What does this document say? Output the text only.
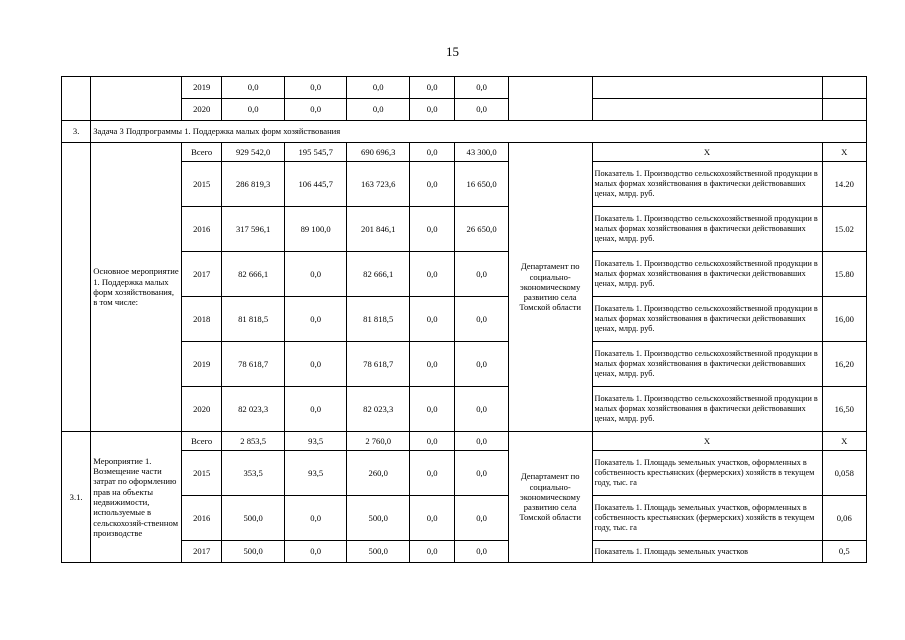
15
		2019	0,0	0,0	0,0	0,0	0,0			
		2020	0,0	0,0	0,0	0,0	0,0			
3.	Задача 3 Подпрограммы 1. Поддержка малых форм хозяйствования									
	Основное мероприятие 1. Поддержка малых форм хозяйствования, в том числе:	Всего	929 542,0	195 545,7	690 696,3	0,0	43 300,0	Департамент по социально-экономическому развитию села Томской области	X	X
		2015	286 819,3	106 445,7	163 723,6	0,0	16 650,0		Показатель 1. Производство сельскохозяйственной продукции в малых формах хозяйствования в фактически действовавших ценах, млрд. руб.	14.20
		2016	317 596,1	89 100,0	201 846,1	0,0	26 650,0		Показатель 1. Производство сельскохозяйственной продукции в малых формах хозяйствования в фактически действовавших ценах, млрд. руб.	15.02
		2017	82 666,1	0,0	82 666,1	0,0	0,0		Показатель 1. Производство сельскохозяйственной продукции в малых формах хозяйствования в фактически действовавших ценах, млрд. руб.	15.80
		2018	81 818,5	0,0	81 818,5	0,0	0,0		Показатель 1. Производство сельскохозяйственной продукции в малых формах хозяйствования в фактически действовавших ценах, млрд. руб.	16,00
		2019	78 618,7	0,0	78 618,7	0,0	0,0		Показатель 1. Производство сельскохозяйственной продукции в малых формах хозяйствования в фактически действовавших ценах, млрд. руб.	16,20
		2020	82 023,3	0,0	82 023,3	0,0	0,0		Показатель 1. Производство сельскохозяйственной продукции в малых формах хозяйствования в фактически действовавших ценах, млрд. руб.	16,50
3.1.	Мероприятие 1. Возмещение части затрат по оформлению прав на объекты недвижимости, используемые в сельскохозяй-ственном производстве	Всего	2 853,5	93,5	2 760,0	0,0	0,0	Департамент по социально-экономическому развитию села Томской области	X	X
		2015	353,5	93,5	260,0	0,0	0,0		Показатель 1. Площадь земельных участков, оформленных в собственность крестьянских (фермерских) хозяйств в текущем году, тыс. га	0,058
		2016	500,0	0,0	500,0	0,0	0,0		Показатель 1. Площадь земельных участков, оформленных в собственность крестьянских (фермерских) хозяйств в текущем году, тыс. га	0,06
		2017	500,0	0,0	500,0	0,0	0,0		Показатель 1. Площадь земельных участков	0,5
